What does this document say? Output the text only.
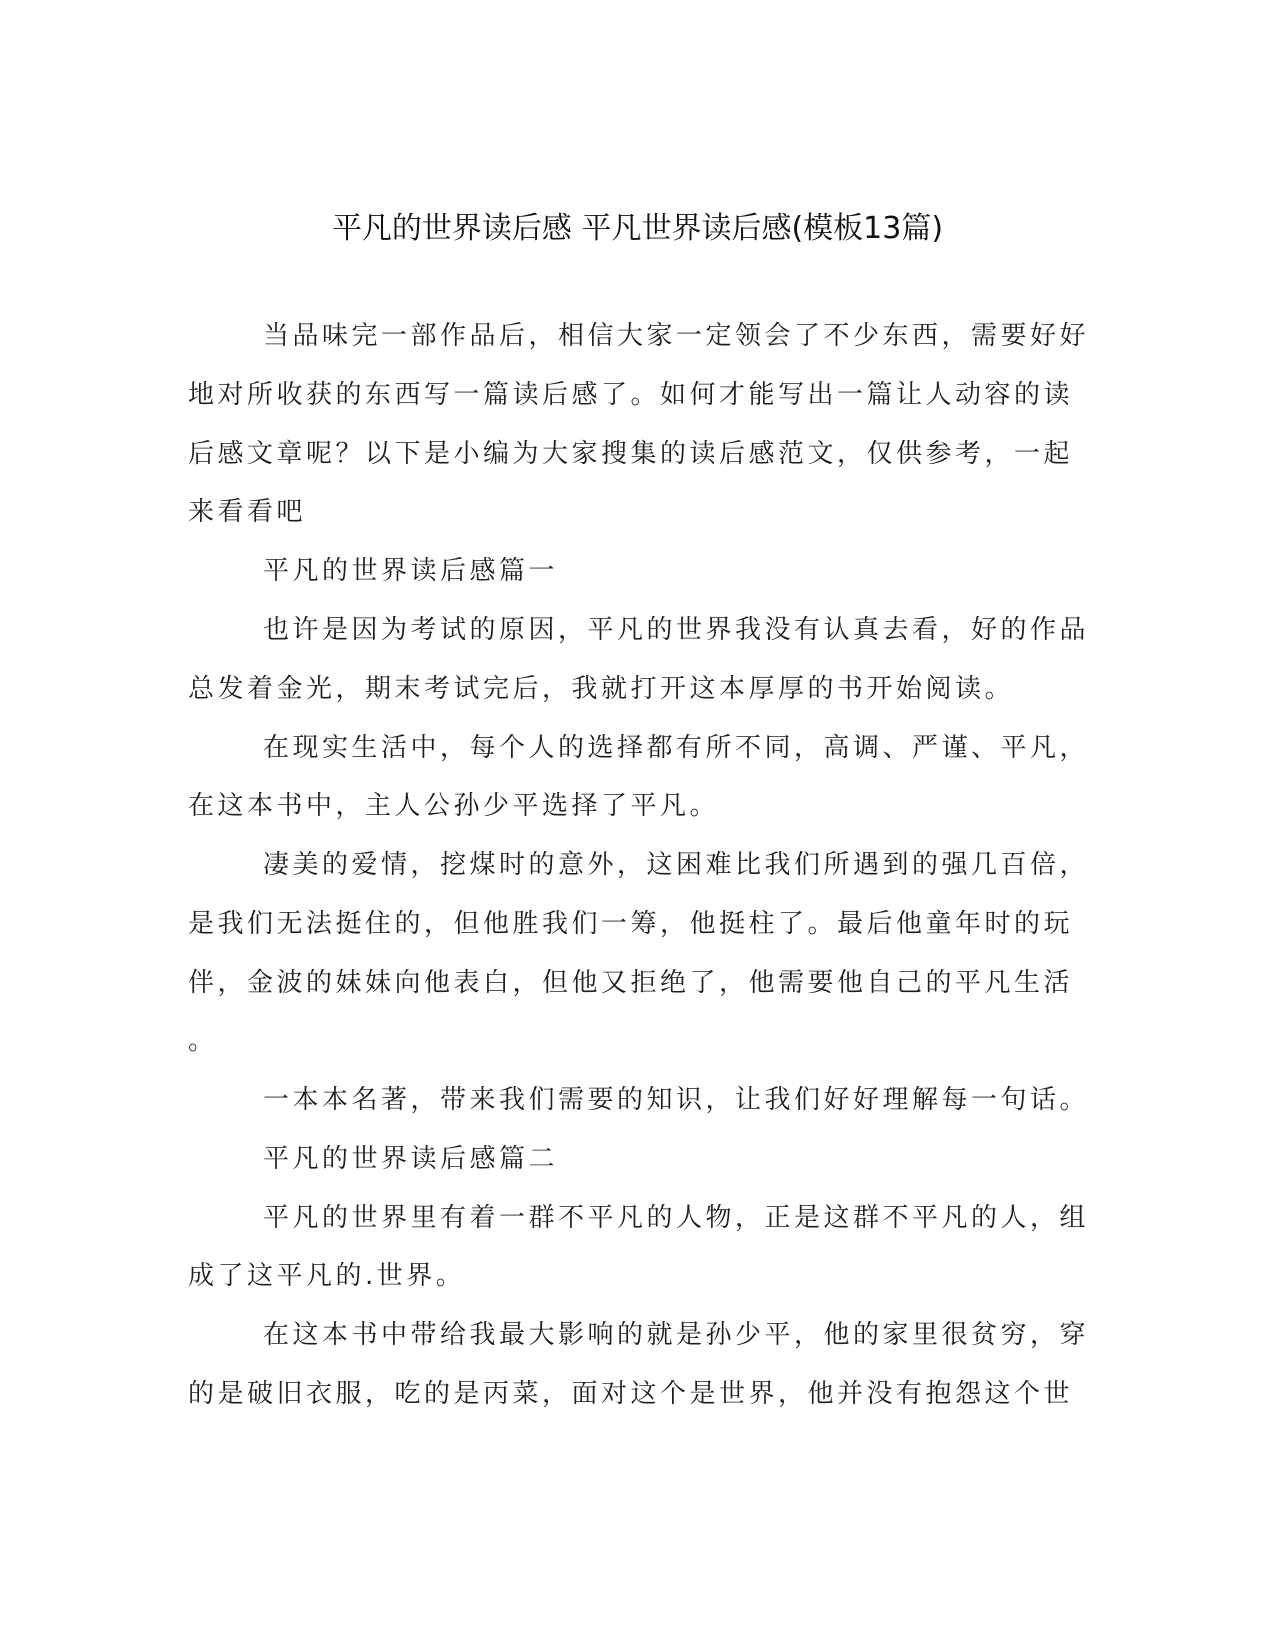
平凡的世界读后感 平凡世界读后感(模板13篇)
当品味完一部作品后，相信大家一定领会了不少东西，需要好好
地对所收获的东西写一篇读后感了。如何才能写出一篇让人动容的读
后感文章呢？以下是小编为大家搜集的读后感范文，仅供参考，一起
来看看吧
平凡的世界读后感篇一
也许是因为考试的原因，平凡的世界我没有认真去看，好的作品
总发着金光，期末考试完后，我就打开这本厚厚的书开始阅读。
在现实生活中，每个人的选择都有所不同，高调、严谨、平凡，
在这本书中，主人公孙少平选择了平凡。
凄美的爱情，挖煤时的意外，这困难比我们所遇到的强几百倍，
是我们无法挺住的，但他胜我们一筹，他挺柱了。最后他童年时的玩
伴，金波的妹妹向他表白，但他又拒绝了，他需要他自己的平凡生活
。
一本本名著，带来我们需要的知识，让我们好好理解每一句话。
平凡的世界读后感篇二
平凡的世界里有着一群不平凡的人物，正是这群不平凡的人，组
成了这平凡的.世界。
在这本书中带给我最大影响的就是孙少平，他的家里很贫穷，穿
的是破旧衣服，吃的是丙菜，面对这个是世界，他并没有抱怨这个世
